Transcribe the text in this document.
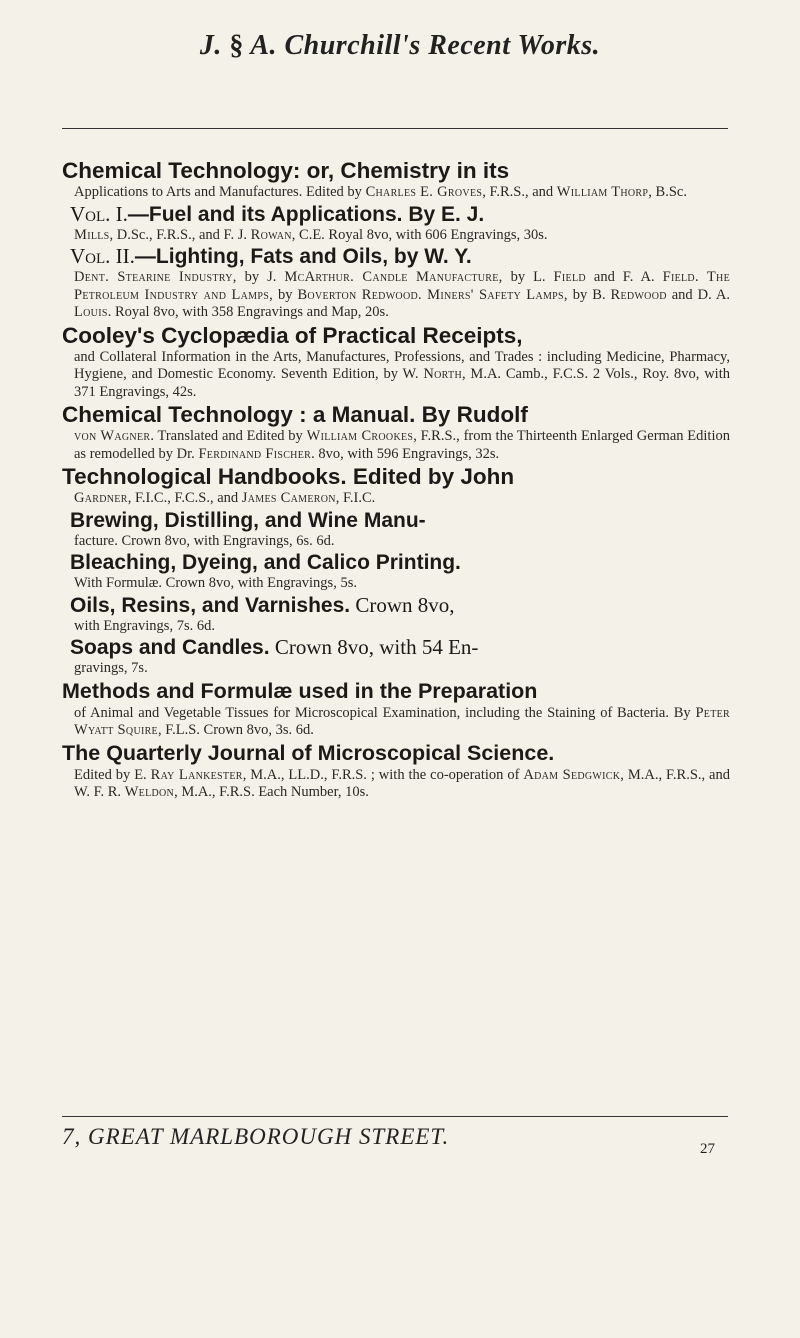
J. § A. Churchill's Recent Works.
Chemical Technology: or, Chemistry in its
Applications to Arts and Manufactures. Edited by Charles E. Groves, F.R.S., and William Thorp, B.Sc.
Vol. I.—Fuel and its Applications. By E. J.
Mills, D.Sc., F.R.S., and F. J. Rowan, C.E. Royal 8vo, with 606 Engravings, 30s.
Vol. II.—Lighting, Fats and Oils, by W. Y.
Dent. Stearine Industry, by J. McArthur. Candle Manufacture, by L. Field and F. A. Field. The Petroleum Industry and Lamps, by Boverton Redwood. Miners' Safety Lamps, by B. Redwood and D. A. Louis. Royal 8vo, with 358 Engravings and Map, 20s.
Cooley's Cyclopædia of Practical Receipts,
and Collateral Information in the Arts, Manufactures, Professions, and Trades : including Medicine, Pharmacy, Hygiene, and Domestic Economy. Seventh Edition, by W. North, M.A. Camb., F.C.S. 2 Vols., Roy. 8vo, with 371 Engravings, 42s.
Chemical Technology : a Manual. By Rudolf
von Wagner. Translated and Edited by William Crookes, F.R.S., from the Thirteenth Enlarged German Edition as remodelled by Dr. Ferdinand Fischer. 8vo, with 596 Engravings, 32s.
Technological Handbooks. Edited by John
Gardner, F.I.C., F.C.S., and James Cameron, F.I.C.
Brewing, Distilling, and Wine Manu-
facture. Crown 8vo, with Engravings, 6s. 6d.
Bleaching, Dyeing, and Calico Printing.
With Formulæ. Crown 8vo, with Engravings, 5s.
Oils, Resins, and Varnishes. Crown 8vo,
with Engravings, 7s. 6d.
Soaps and Candles. Crown 8vo, with 54 En-
gravings, 7s.
Methods and Formulæ used in the Preparation
of Animal and Vegetable Tissues for Microscopical Examination, including the Staining of Bacteria. By Peter Wyatt Squire, F.L.S. Crown 8vo, 3s. 6d.
The Quarterly Journal of Microscopical Science.
Edited by E. Ray Lankester, M.A., LL.D., F.R.S. ; with the co-operation of Adam Sedgwick, M.A., F.R.S., and W. F. R. Weldon, M.A., F.R.S. Each Number, 10s.
7, GREAT MARLBOROUGH STREET.	27
